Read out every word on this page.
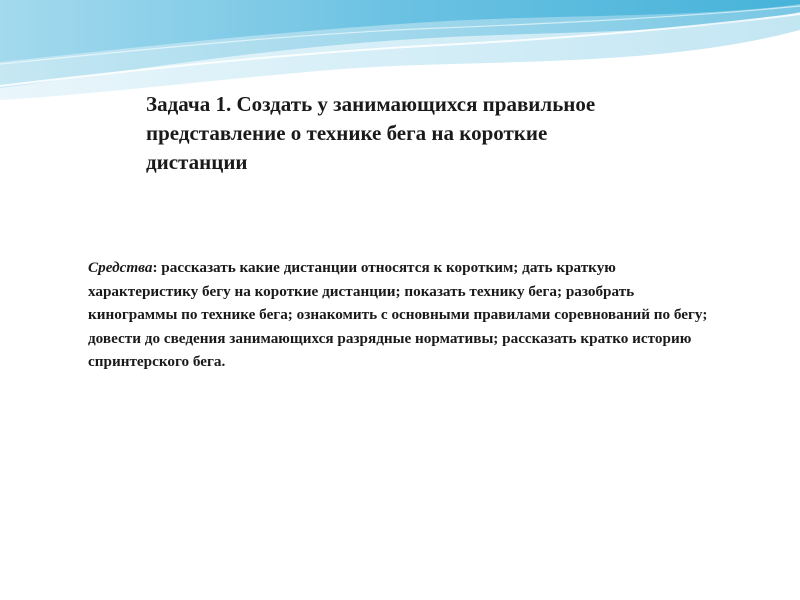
Задача 1. Создать у занимающихся правильное представление о технике бега на короткие дистанции

Средства: рассказать какие дистанции относятся к коротким; дать краткую характеристику бегу на короткие дистанции; показать технику бега; разобрать кинограммы по технике бега; ознакомить с основными правилами соревнований по бегу; довести до сведения занимающихся разрядные нормативы; рассказать кратко историю спринтерского бега.
